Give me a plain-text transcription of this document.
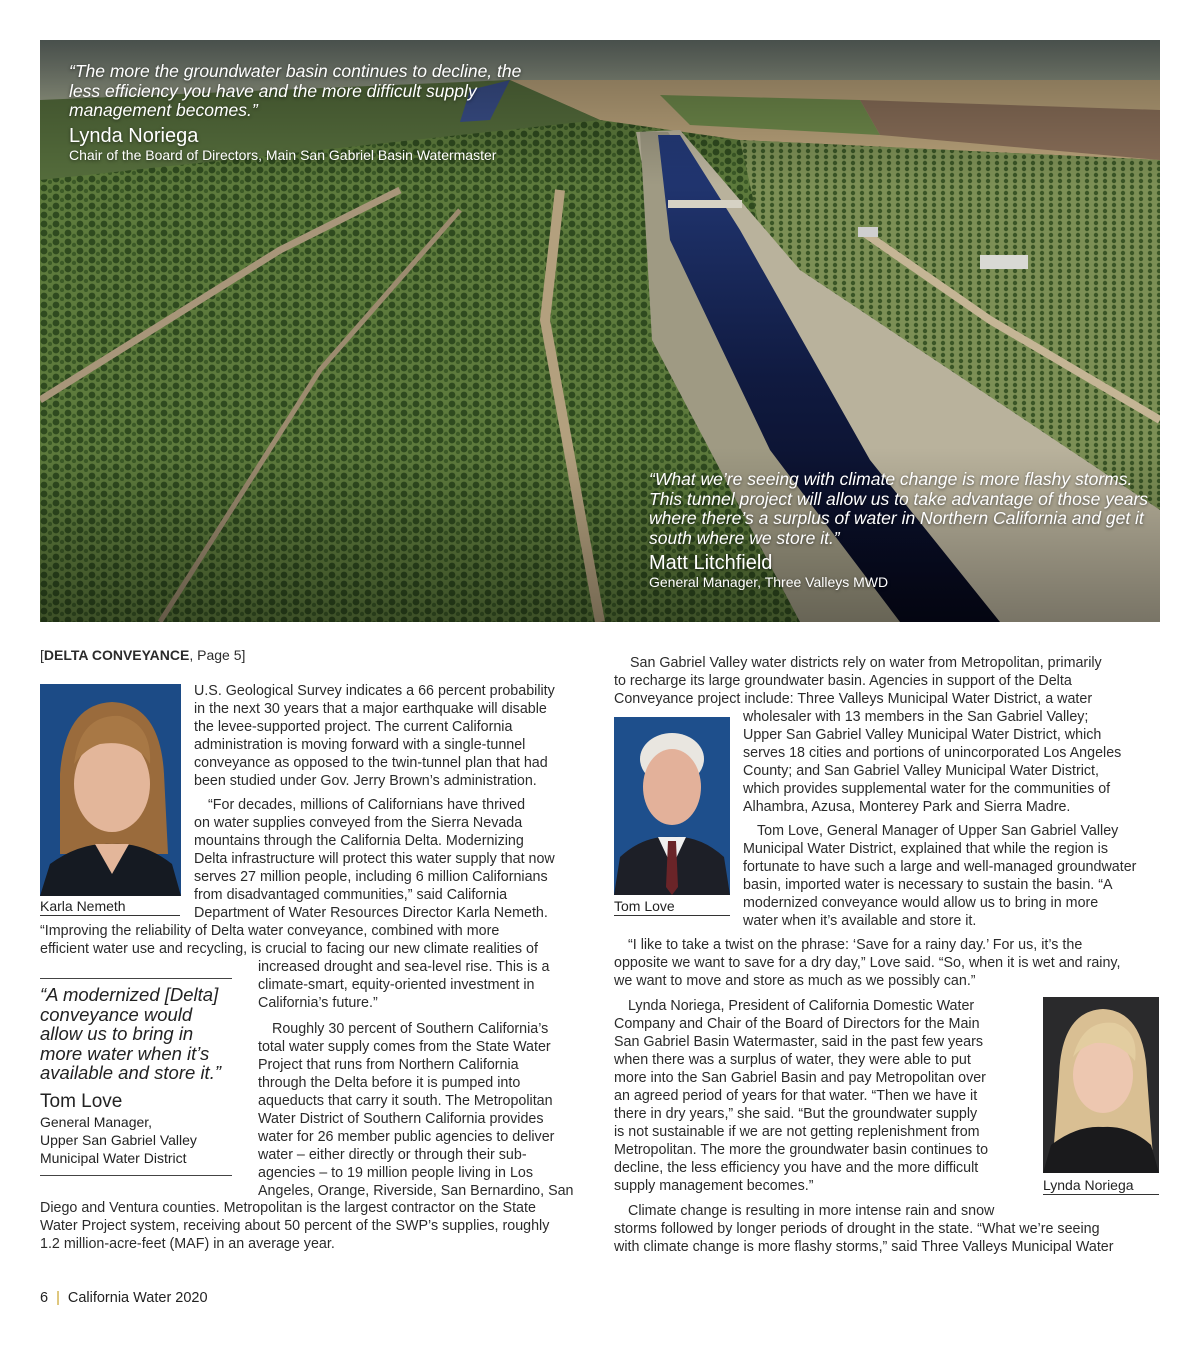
“The more the groundwater basin continues to decline, the less efficiency you have and the more difficult supply management becomes.”
Lynda Noriega
Chair of the Board of Directors, Main San Gabriel Basin Watermaster
“What we’re seeing with climate change is more flashy storms. This tunnel project will allow us to take advantage of those years where there’s a surplus of water in Northern California and get it south where we store it.”
Matt Litchfield
General Manager, Three Valleys MWD
[DELTA CONVEYANCE, Page 5]
Karla Nemeth

U.S. Geological Survey indicates a 66 percent probability
in the next 30 years that a major earthquake will disable
the levee-supported project. The current California
administration is moving forward with a single-tunnel
conveyance as opposed to the twin-tunnel plan that had
been studied under Gov. Jerry Brown’s administration.

“For decades, millions of Californians have thrived
on water supplies conveyed from the Sierra Nevada
mountains through the California Delta. Modernizing
Delta infrastructure will protect this water supply that now
serves 27 million people, including 6 million Californians
from disadvantaged communities,” said California
Department of Water Resources Director Karla Nemeth.

“Improving the reliability of Delta water conveyance, combined with more
efficient water use and recycling, is crucial to facing our new climate realities of
“A modernized [Delta] conveyance would allow us to bring in more water when it’s available and store it.”
Tom Love
General Manager,
Upper San Gabriel Valley
Municipal Water District

increased drought and sea-level rise. This is a
climate-smart, equity-oriented investment in
California’s future.”

Roughly 30 percent of Southern California’s
total water supply comes from the State Water
Project that runs from Northern California
through the Delta before it is pumped into
aqueducts that carry it south. The Metropolitan
Water District of Southern California provides
water for 26 member public agencies to deliver
water – either directly or through their sub-
agencies – to 19 million people living in Los
Angeles, Orange, Riverside, San Bernardino, San

Diego and Ventura counties. Metropolitan is the largest contractor on the State
Water Project system, receiving about 50 percent of the SWP’s supplies, roughly
1.2 million-acre-feet (MAF) in an average year.
San Gabriel Valley water districts rely on water from Metropolitan, primarily
to recharge its large groundwater basin. Agencies in support of the Delta
Conveyance project include: Three Valleys Municipal Water District, a water
Tom Love

wholesaler with 13 members in the San Gabriel Valley;
Upper San Gabriel Valley Municipal Water District, which
serves 18 cities and portions of unincorporated Los Angeles
County; and San Gabriel Valley Municipal Water District,
which provides supplemental water for the communities of
Alhambra, Azusa, Monterey Park and Sierra Madre.

Tom Love, General Manager of Upper San Gabriel Valley
Municipal Water District, explained that while the region is
fortunate to have such a large and well-managed groundwater
basin, imported water is necessary to sustain the basin. “A
modernized conveyance would allow us to bring in more
water when it’s available and store it.

“I like to take a twist on the phrase: ‘Save for a rainy day.’ For us, it’s the
opposite we want to save for a dry day,” Love said. “So, when it is wet and rainy,
we want to move and store as much as we possibly can.”
Lynda Noriega, President of California Domestic Water
Company and Chair of the Board of Directors for the Main
San Gabriel Basin Watermaster, said in the past few years
when there was a surplus of water, they were able to put
more into the San Gabriel Basin and pay Metropolitan over
an agreed period of years for that water. “Then we have it
there in dry years,” she said. “But the groundwater supply
is not sustainable if we are not getting replenishment from
Metropolitan. The more the groundwater basin continues to
decline, the less efficiency you have and the more difficult
supply management becomes.”	Lynda Noriega
Climate change is resulting in more intense rain and snow
storms followed by longer periods of drought in the state. “What we’re seeing
with climate change is more flashy storms,” said Three Valleys Municipal Water
6 | California Water 2020
